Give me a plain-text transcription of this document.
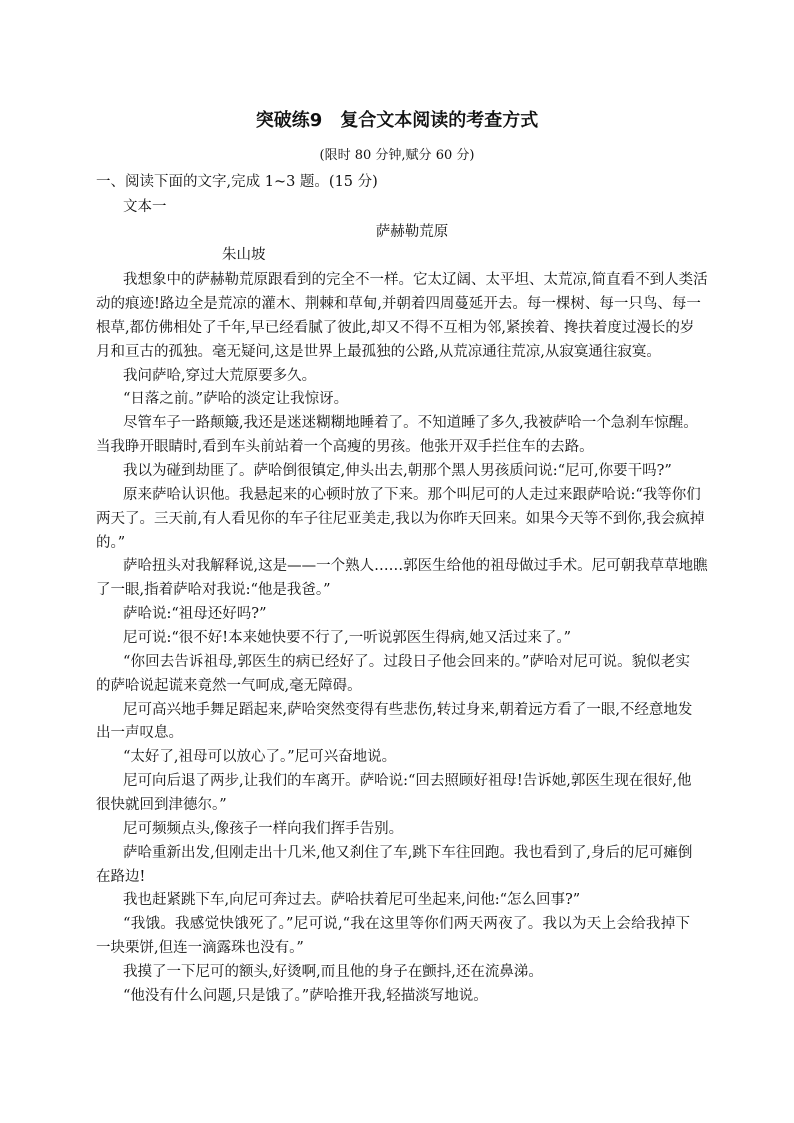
突破练9　复合文本阅读的考查方式
(限时 80 分钟,赋分 60 分)
一、阅读下面的文字,完成 1~3 题。(15 分)
文本一
萨赫勒荒原
朱山坡
我想象中的萨赫勒荒原跟看到的完全不一样。它太辽阔、太平坦、太荒凉,简直看不到人类活
动的痕迹!路边全是荒凉的灌木、荆棘和草甸,并朝着四周蔓延开去。每一棵树、每一只鸟、每一
根草,都仿佛相处了千年,早已经看腻了彼此,却又不得不互相为邻,紧挨着、搀扶着度过漫长的岁
月和亘古的孤独。毫无疑问,这是世界上最孤独的公路,从荒凉通往荒凉,从寂寞通往寂寞。
我问萨哈,穿过大荒原要多久。
“日落之前。”萨哈的淡定让我惊讶。
尽管车子一路颠簸,我还是迷迷糊糊地睡着了。不知道睡了多久,我被萨哈一个急刹车惊醒。
当我睁开眼睛时,看到车头前站着一个高瘦的男孩。他张开双手拦住车的去路。
我以为碰到劫匪了。萨哈倒很镇定,伸头出去,朝那个黑人男孩质问说:“尼可,你要干吗?”
原来萨哈认识他。我悬起来的心顿时放了下来。那个叫尼可的人走过来跟萨哈说:“我等你们
两天了。三天前,有人看见你的车子往尼亚美走,我以为你昨天回来。如果今天等不到你,我会疯掉
的。”
萨哈扭头对我解释说,这是——一个熟人……郭医生给他的祖母做过手术。尼可朝我草草地瞧
了一眼,指着萨哈对我说:“他是我爸。”
萨哈说:“祖母还好吗?”
尼可说:“很不好!本来她快要不行了,一听说郭医生得病,她又活过来了。”
“你回去告诉祖母,郭医生的病已经好了。过段日子他会回来的。”萨哈对尼可说。貌似老实
的萨哈说起谎来竟然一气呵成,毫无障碍。
尼可高兴地手舞足蹈起来,萨哈突然变得有些悲伤,转过身来,朝着远方看了一眼,不经意地发
出一声叹息。
“太好了,祖母可以放心了。”尼可兴奋地说。
尼可向后退了两步,让我们的车离开。萨哈说:“回去照顾好祖母!告诉她,郭医生现在很好,他
很快就回到津德尔。”
尼可频频点头,像孩子一样向我们挥手告别。
萨哈重新出发,但刚走出十几米,他又刹住了车,跳下车往回跑。我也看到了,身后的尼可瘫倒
在路边!
我也赶紧跳下车,向尼可奔过去。萨哈扶着尼可坐起来,问他:“怎么回事?”
“我饿。我感觉快饿死了。”尼可说,“我在这里等你们两天两夜了。我以为天上会给我掉下
一块栗饼,但连一滴露珠也没有。”
我摸了一下尼可的额头,好烫啊,而且他的身子在颤抖,还在流鼻涕。
“他没有什么问题,只是饿了。”萨哈推开我,轻描淡写地说。
